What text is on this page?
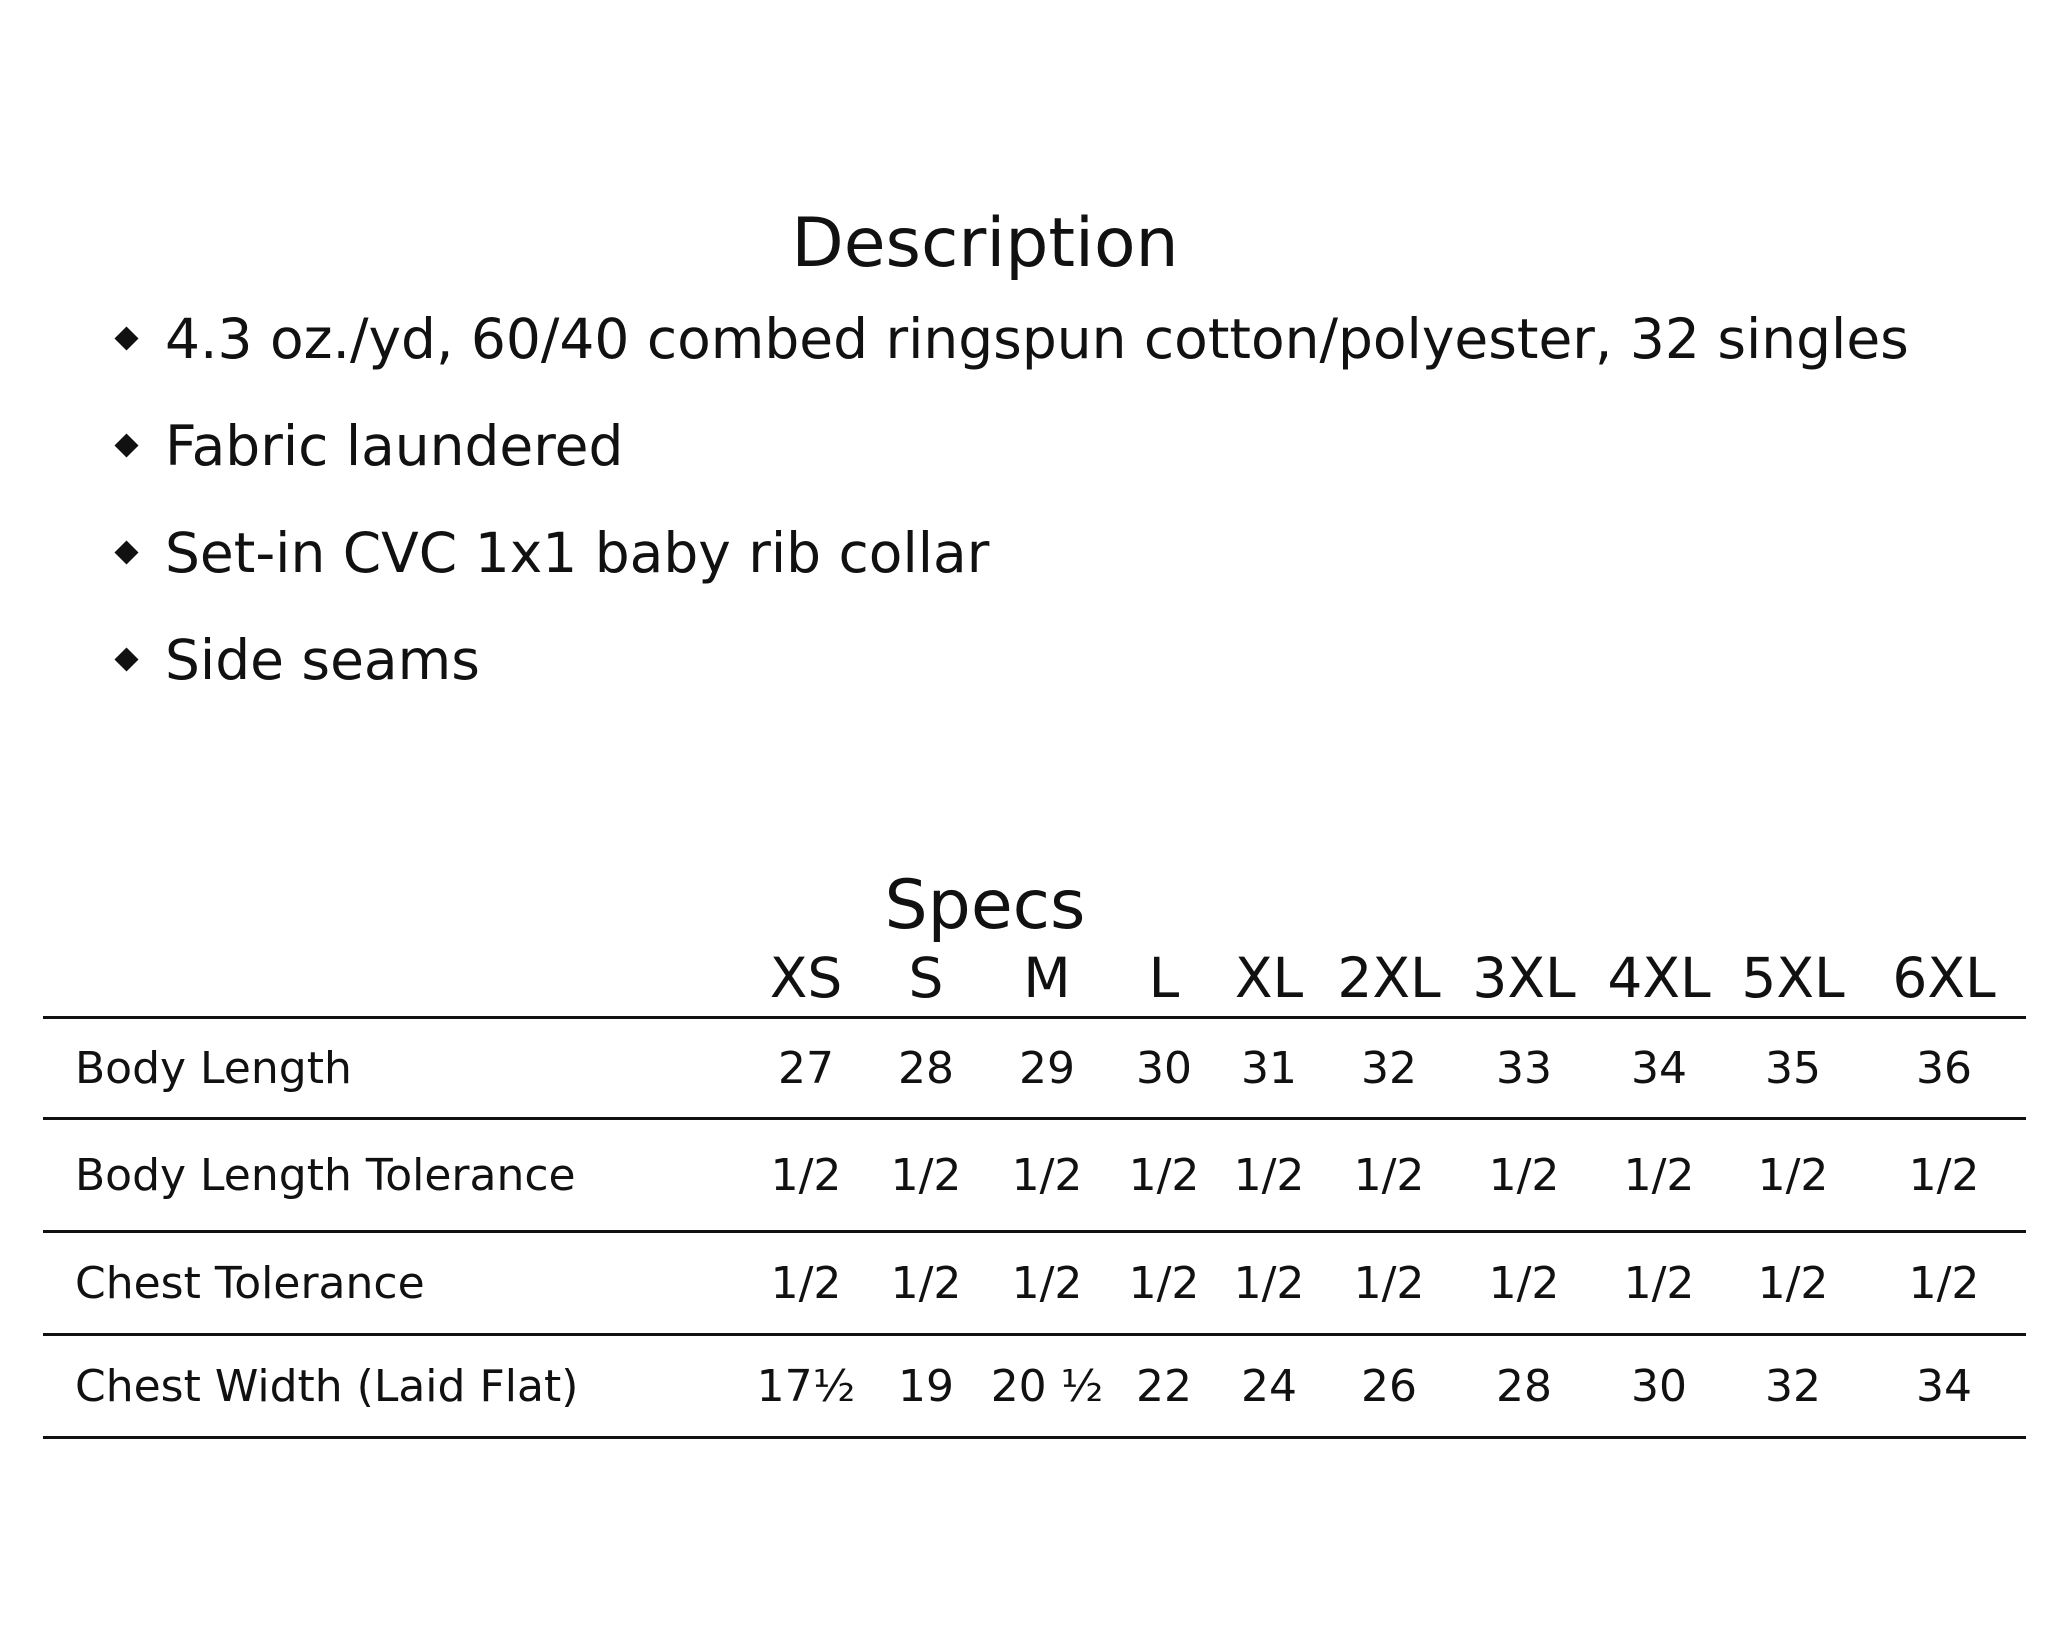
Description
4.3 oz./yd, 60/40 combed ringspun cotton/polyester, 32 singles
Fabric laundered
Set-in CVC 1x1 baby rib collar
Side seams
Specs
XS	S	M	L	XL 2XL 3XL 4XL 5XL 6XL
Body Length	27	28	29	30	31	32	33	34	35	36
Body Length Tolerance	1/2	1/2	1/2	1/2	1/2	1/2	1/2	1/2	1/2	1/2
Chest Tolerance	1/2	1/2	1/2	1/2	1/2	1/2	1/2	1/2	1/2	1/2
Chest Width (Laid Flat)	17½	19	20 ½	22	24	26	28	30	32	34
